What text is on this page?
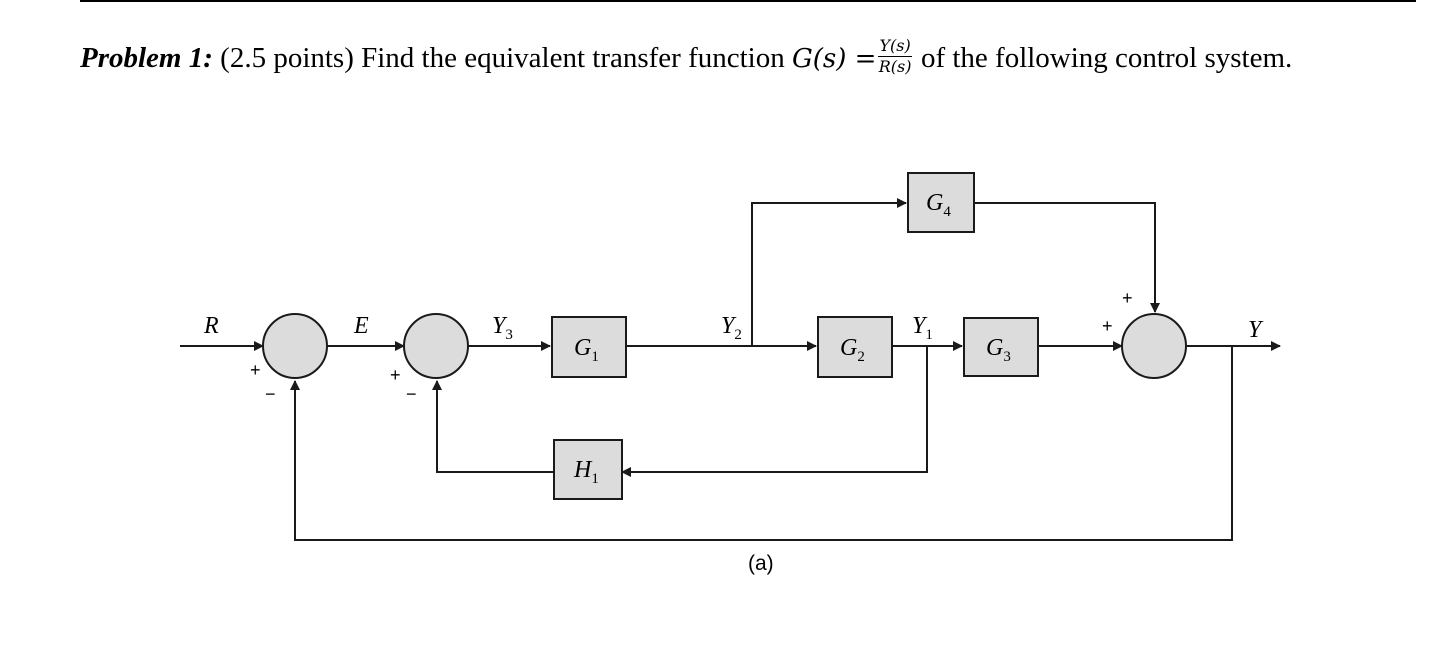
Problem 1: (2.5 points) Find the equivalent transfer function $G(s) = \frac{Y(s)}{R(s)}$ of the following control system.
$G_1$	$G_2$	$G_3$
$G_4$
$H_1$
R	E	Y
$Y_3$	$Y_2$	$Y_1$
+
−
+
−
+
+
(a)
